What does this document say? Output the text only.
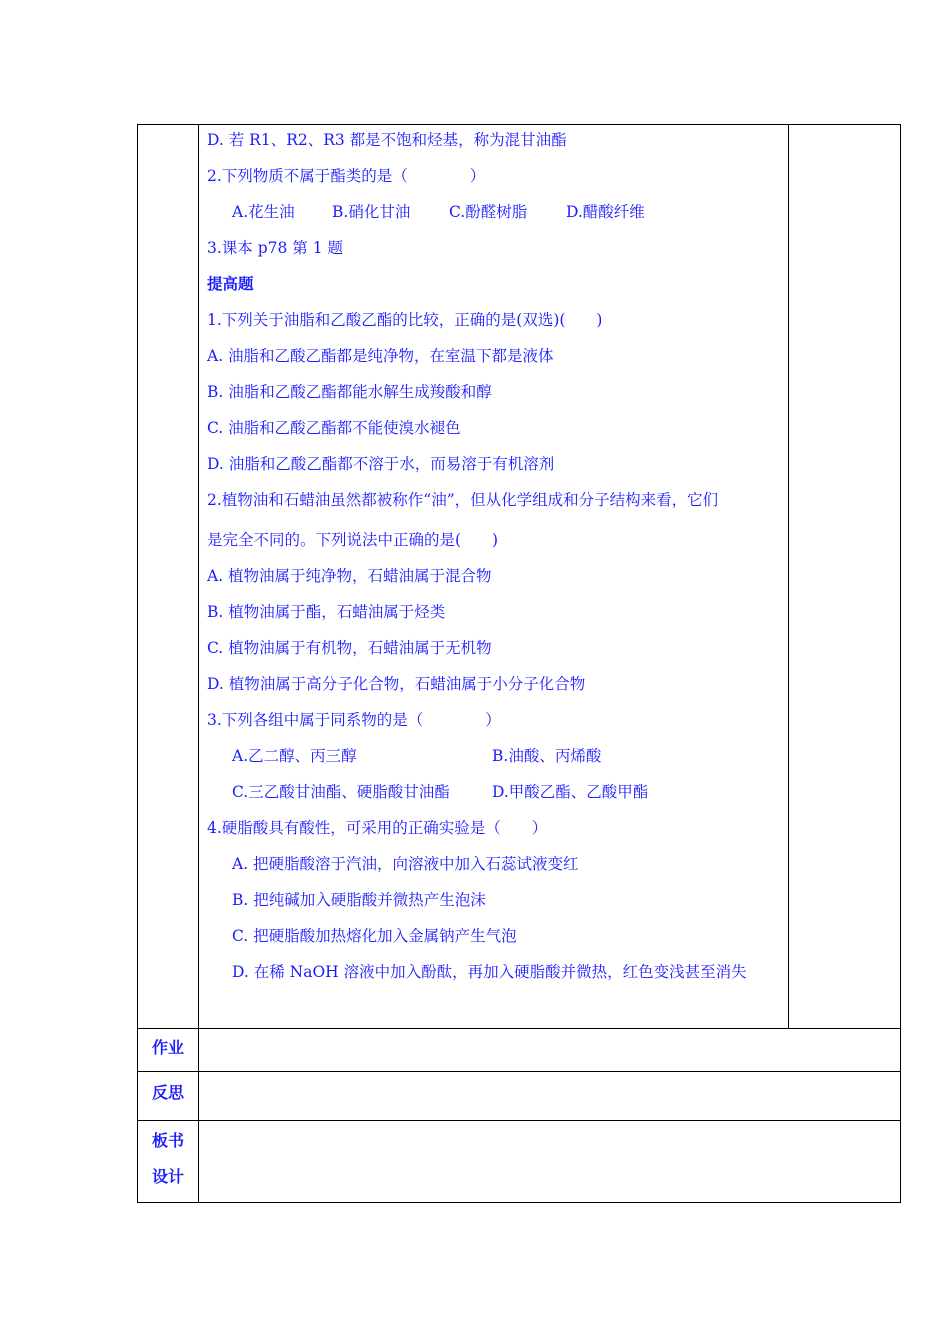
D. 若 R1、R2、R3 都是不饱和烃基，称为混甘油酯
2.下列物质不属于酯类的是（　　　　）
A.花生油 B.硝化甘油 C.酚醛树脂	D.醋酸纤维
3.课本 p78 第 1 题
提高题
1.下列关于油脂和乙酸乙酯的比较，正确的是(双选)(　　)
A. 油脂和乙酸乙酯都是纯净物，在室温下都是液体
B. 油脂和乙酸乙酯都能水解生成羧酸和醇
C. 油脂和乙酸乙酯都不能使溴水褪色
D. 油脂和乙酸乙酯都不溶于水，而易溶于有机溶剂
2.植物油和石蜡油虽然都被称作“油”，但从化学组成和分子结构来看，它们
是完全不同的。下列说法中正确的是(　　)
A. 植物油属于纯净物，石蜡油属于混合物
B. 植物油属于酯，石蜡油属于烃类
C. 植物油属于有机物，石蜡油属于无机物
D. 植物油属于高分子化合物，石蜡油属于小分子化合物
3.下列各组中属于同系物的是（　　　　）
A.乙二醇、丙三醇	B.油酸、丙烯酸
C.三乙酸甘油酯、硬脂酸甘油酯	D.甲酸乙酯、乙酸甲酯
4.硬脂酸具有酸性，可采用的正确实验是（　　）
A. 把硬脂酸溶于汽油，向溶液中加入石蕊试液变红
B. 把纯碱加入硬脂酸并微热产生泡沫
C. 把硬脂酸加热熔化加入金属钠产生气泡
D. 在稀 NaOH 溶液中加入酚酞，再加入硬脂酸并微热，红色变浅甚至消失
作业
反思
板书
设计
